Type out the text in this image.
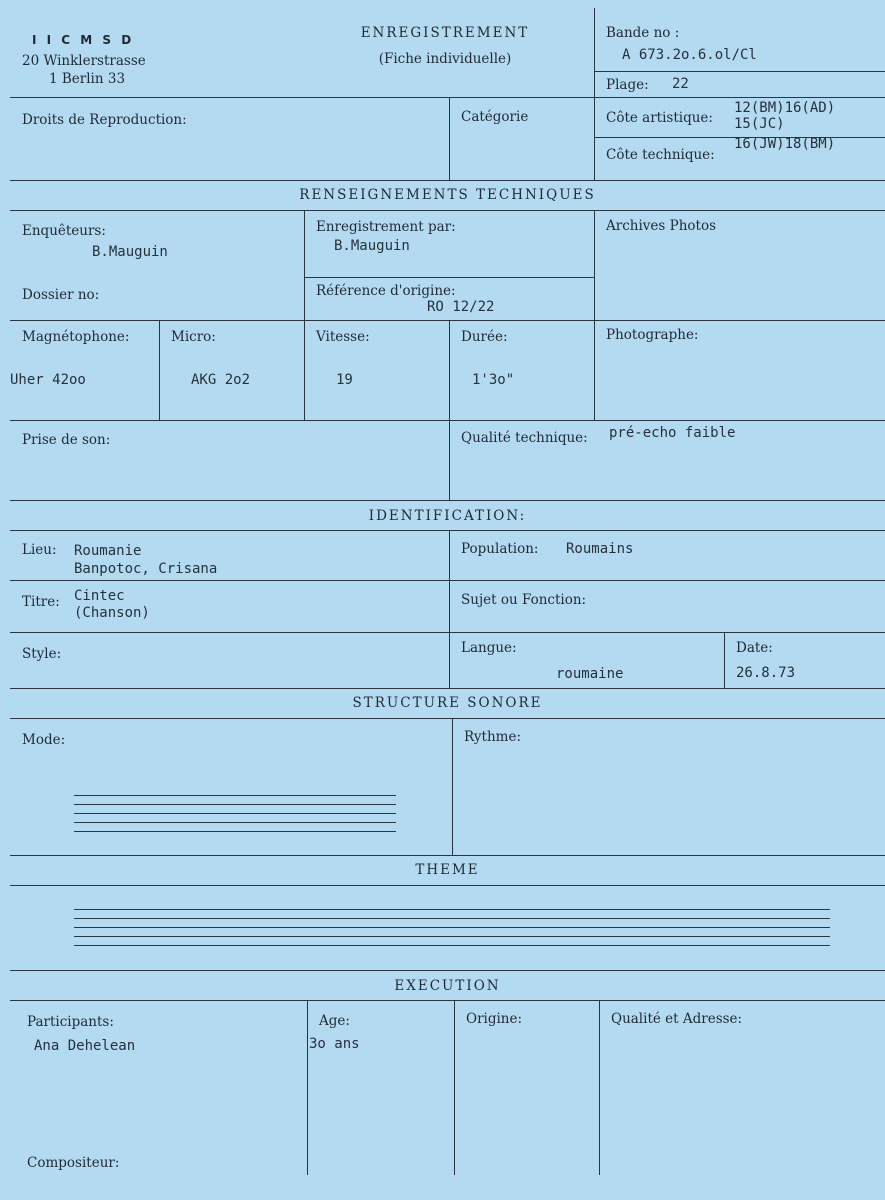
I I C M S D
20 Winklerstrasse
1 Berlin 33
ENREGISTREMENT
(Fiche individuelle)
Bande no :
A 673.2o.6.ol/Cl
Plage: 22
Droits de Reproduction:	Catégorie	Côte artistique:
12(BM)16(AD)
15(JC)
Côte technique:
16(JW)18(BM)
RENSEIGNEMENTS TECHNIQUES
Enquêteurs:
B.Mauguin
Enregistrement par:
B.Mauguin
Archives Photos
Dossier no:	Référence d'origine:
RO 12/22
Magnétophone:
Uher 42oo
Micro:
AKG 2o2
Vitesse:
19
Durée:
1'3o"
Photographe:
Prise de son:	Qualité technique: pré-echo faible
IDENTIFICATION:
Lieu: Roumanie
Banpotoc, Crisana
Population: Roumains
Titre: Cintec
(Chanson)
Sujet ou Fonction:
Style:	Langue:
roumaine
Date:
26.8.73
STRUCTURE SONORE
Mode:	Rythme:
THEME
EXECUTION
Participants:
Ana Dehelean
Age:
3o ans
Origine:	Qualité et Adresse:
Compositeur:
